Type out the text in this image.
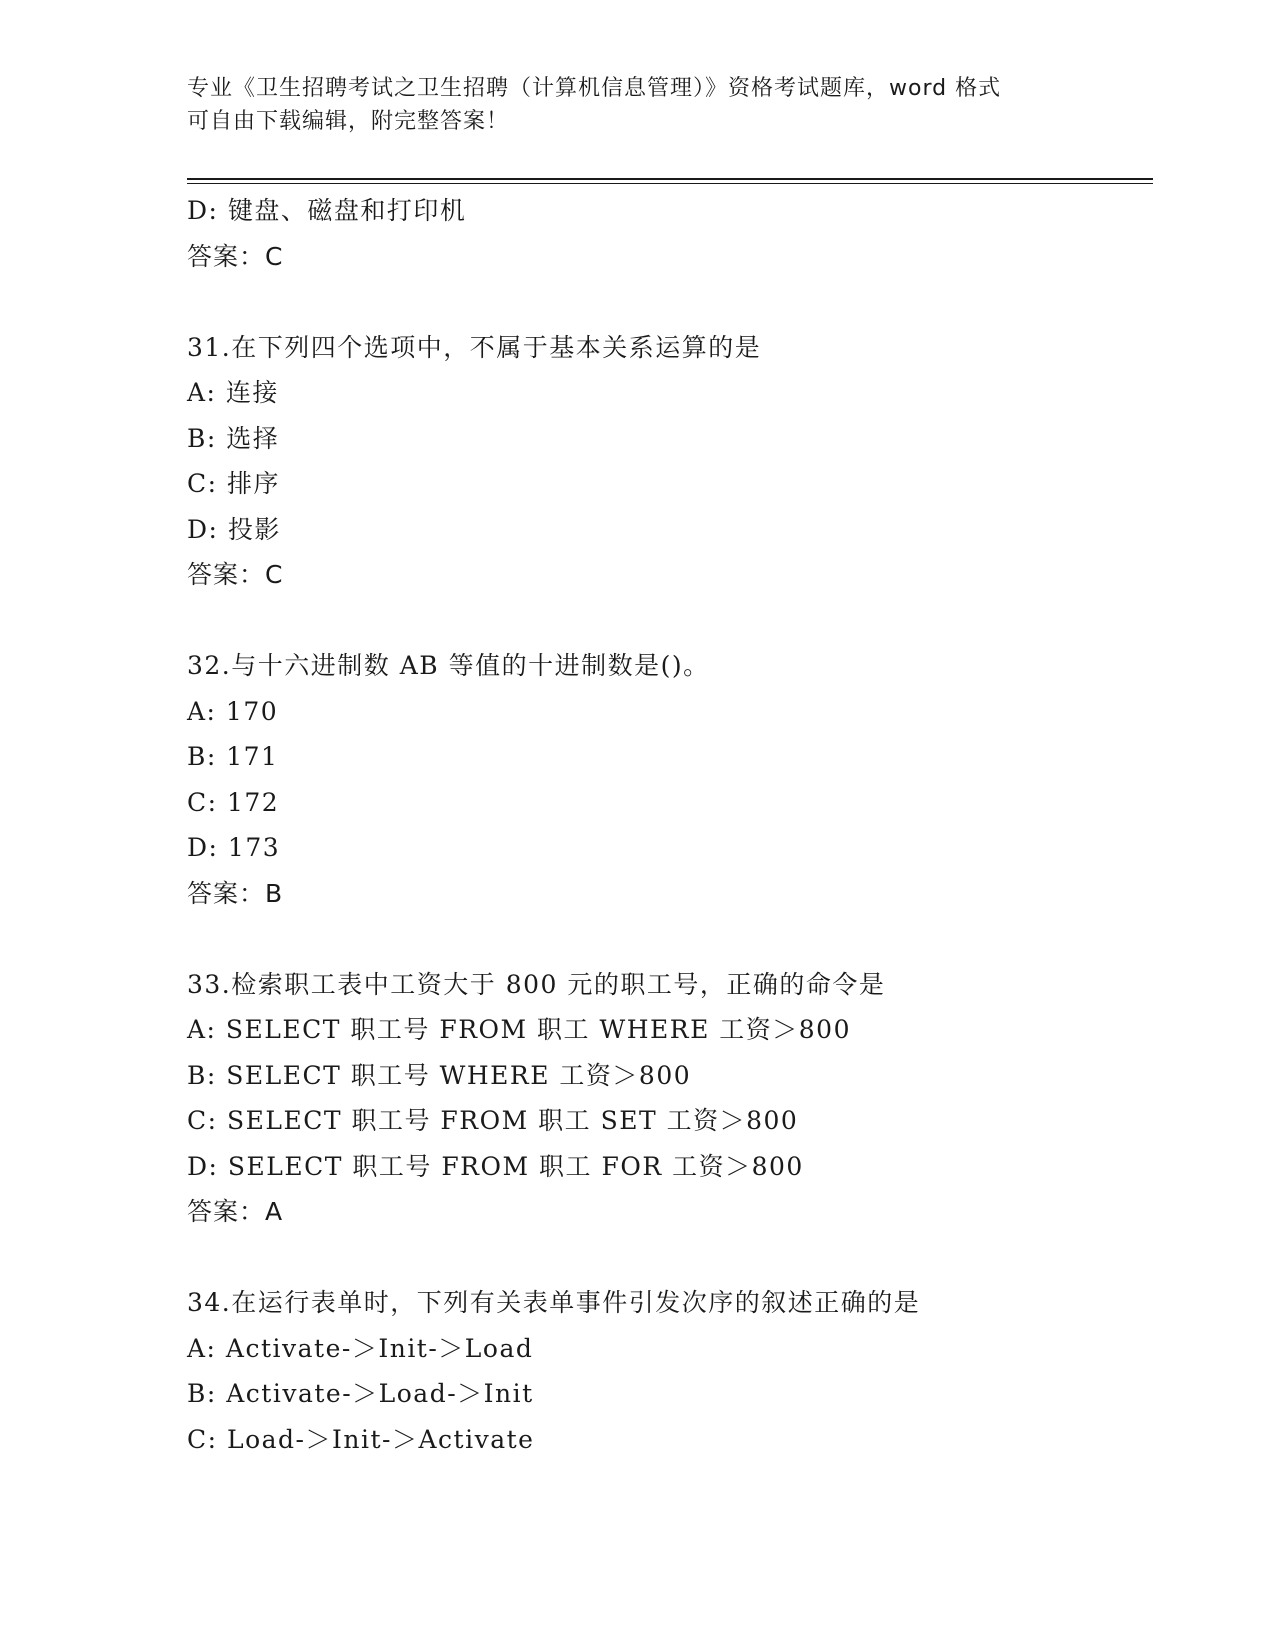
专业《卫生招聘考试之卫生招聘（计算机信息管理）》资格考试题库，word 格式
可自由下载编辑，附完整答案！
D: 键盘、磁盘和打印机
答案：C
31.在下列四个选项中，不属于基本关系运算的是
A: 连接
B: 选择
C: 排序
D: 投影
答案：C
32.与十六进制数 AB 等值的十进制数是()。
A: 170
B: 171
C: 172
D: 173
答案：B
33.检索职工表中工资大于 800 元的职工号，正确的命令是
A: SELECT 职工号 FROM 职工 WHERE 工资＞800
B: SELECT 职工号 WHERE 工资＞800
C: SELECT 职工号 FROM 职工 SET 工资＞800
D: SELECT 职工号 FROM 职工 FOR 工资＞800
答案：A
34.在运行表单时，下列有关表单事件引发次序的叙述正确的是
A: Activate-＞Init-＞Load
B: Activate-＞Load-＞Init
C: Load-＞Init-＞Activate
